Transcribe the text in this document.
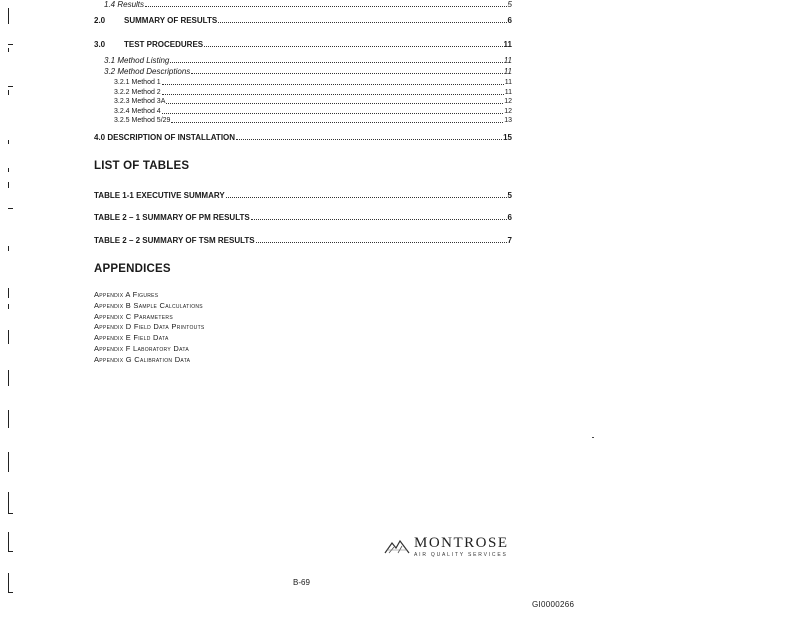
1.4 Results	5
2.0	SUMMARY OF RESULTS	6
3.0	TEST PROCEDURES	11
3.1 Method Listing	11
3.2 Method Descriptions	11
3.2.1 Method 1	11
3.2.2 Method 2	11
3.2.3 Method 3A	12
3.2.4 Method 4	12
3.2.5 Method 5/29	13
4.0 DESCRIPTION OF INSTALLATION	15
LIST OF TABLES
TABLE 1-1 EXECUTIVE SUMMARY	5
TABLE 2 – 1 SUMMARY OF PM RESULTS	6
TABLE 2 – 2 SUMMARY OF TSM RESULTS	7
APPENDICES
Appendix A Figures
Appendix B Sample Calculations
Appendix C Parameters
Appendix D Field Data Printouts
Appendix E Field Data
Appendix F Laboratory Data
Appendix G Calibration Data
MONTROSE
AIR QUALITY SERVICES
B-69
GI0000266
